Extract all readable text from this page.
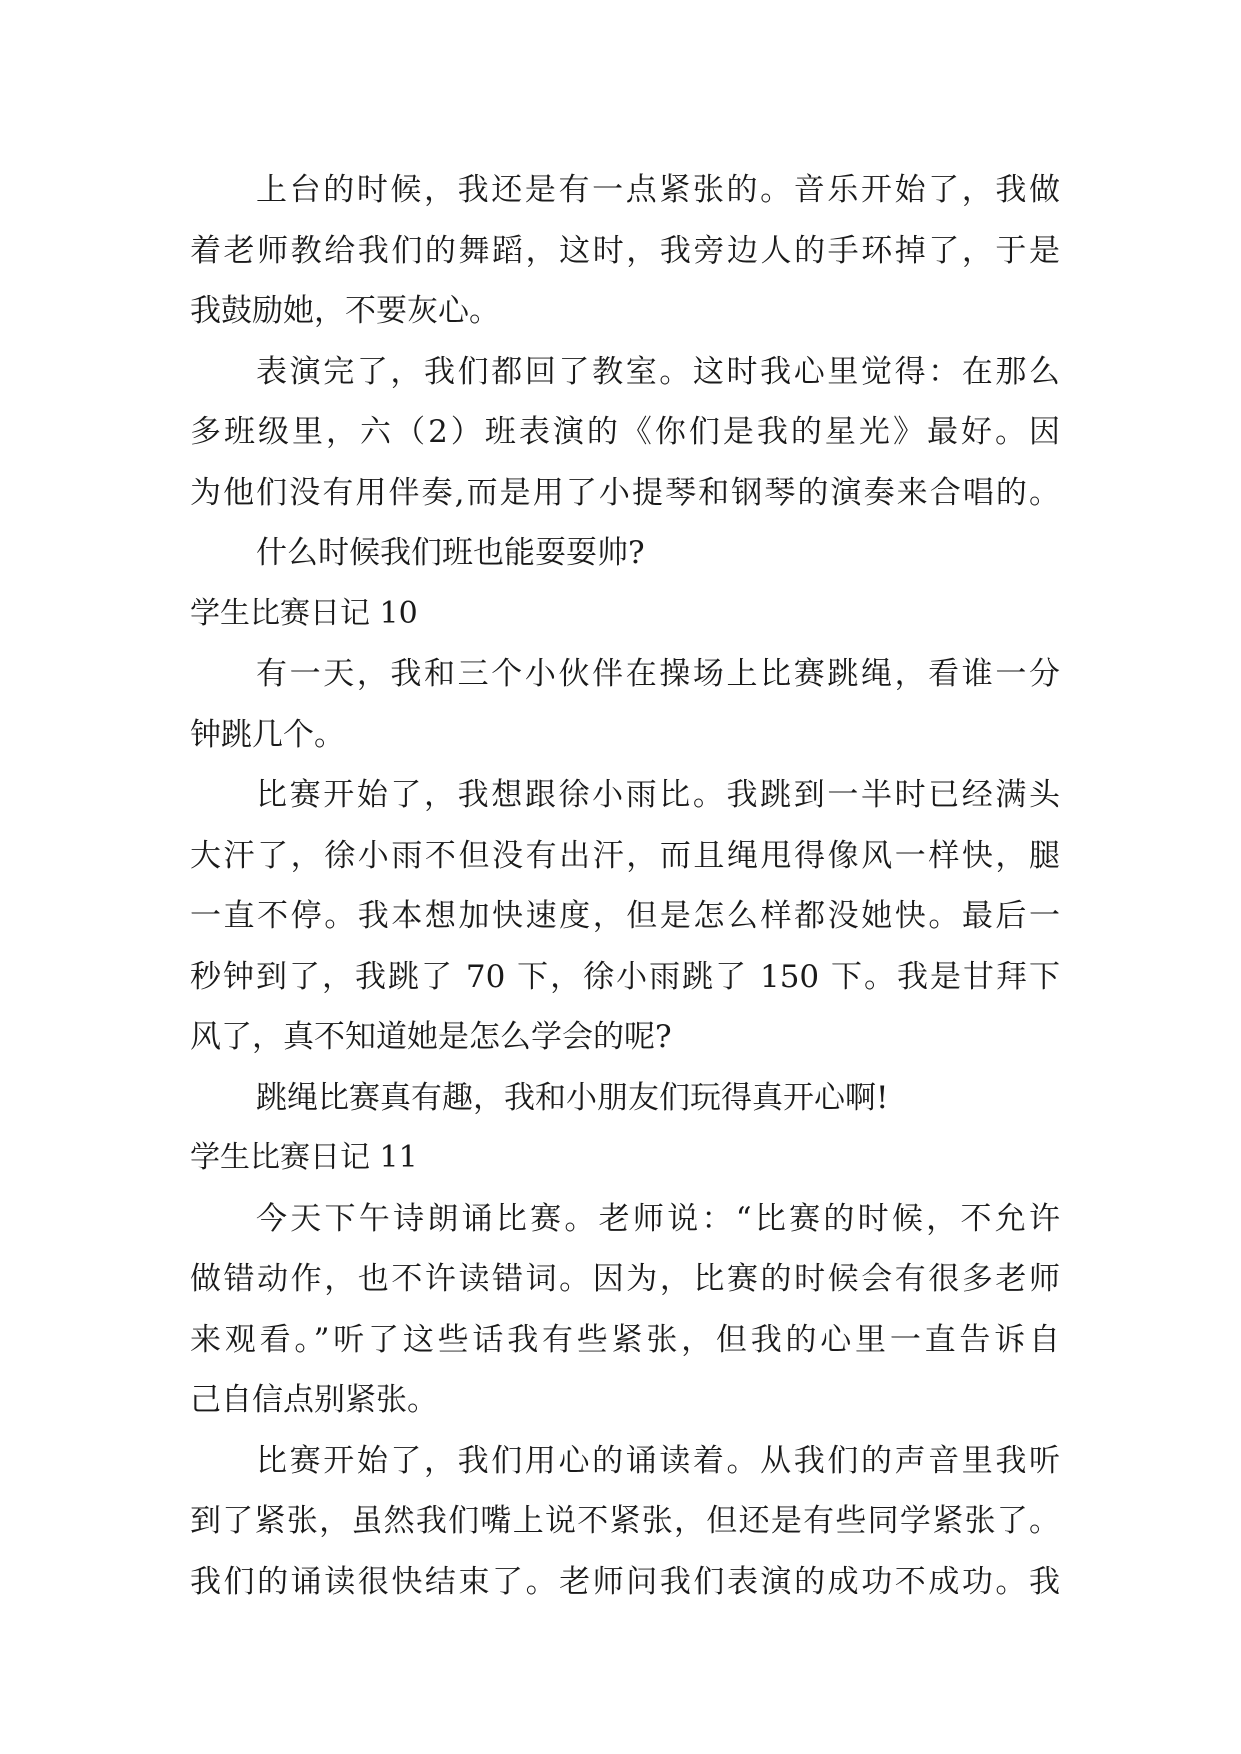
上台的时候，我还是有一点紧张的。音乐开始了，我做
着老师教给我们的舞蹈，这时，我旁边人的手环掉了，于是
我鼓励她，不要灰心。
表演完了，我们都回了教室。这时我心里觉得：在那么
多班级里，六（2）班表演的《你们是我的星光》最好。因
为他们没有用伴奏,而是用了小提琴和钢琴的演奏来合唱的。
什么时候我们班也能耍耍帅?
学生比赛日记 10
有一天，我和三个小伙伴在操场上比赛跳绳，看谁一分
钟跳几个。
比赛开始了，我想跟徐小雨比。我跳到一半时已经满头
大汗了，徐小雨不但没有出汗，而且绳甩得像风一样快，腿
一直不停。我本想加快速度，但是怎么样都没她快。最后一
秒钟到了，我跳了 70 下，徐小雨跳了 150 下。我是甘拜下
风了，真不知道她是怎么学会的呢?
跳绳比赛真有趣，我和小朋友们玩得真开心啊!
学生比赛日记 11
今天下午诗朗诵比赛。老师说：“比赛的时候，不允许
做错动作，也不许读错词。因为，比赛的时候会有很多老师
来观看。”听了这些话我有些紧张，但我的心里一直告诉自
己自信点别紧张。
比赛开始了，我们用心的诵读着。从我们的声音里我听
到了紧张，虽然我们嘴上说不紧张，但还是有些同学紧张了。
我们的诵读很快结束了。老师问我们表演的成功不成功。我
